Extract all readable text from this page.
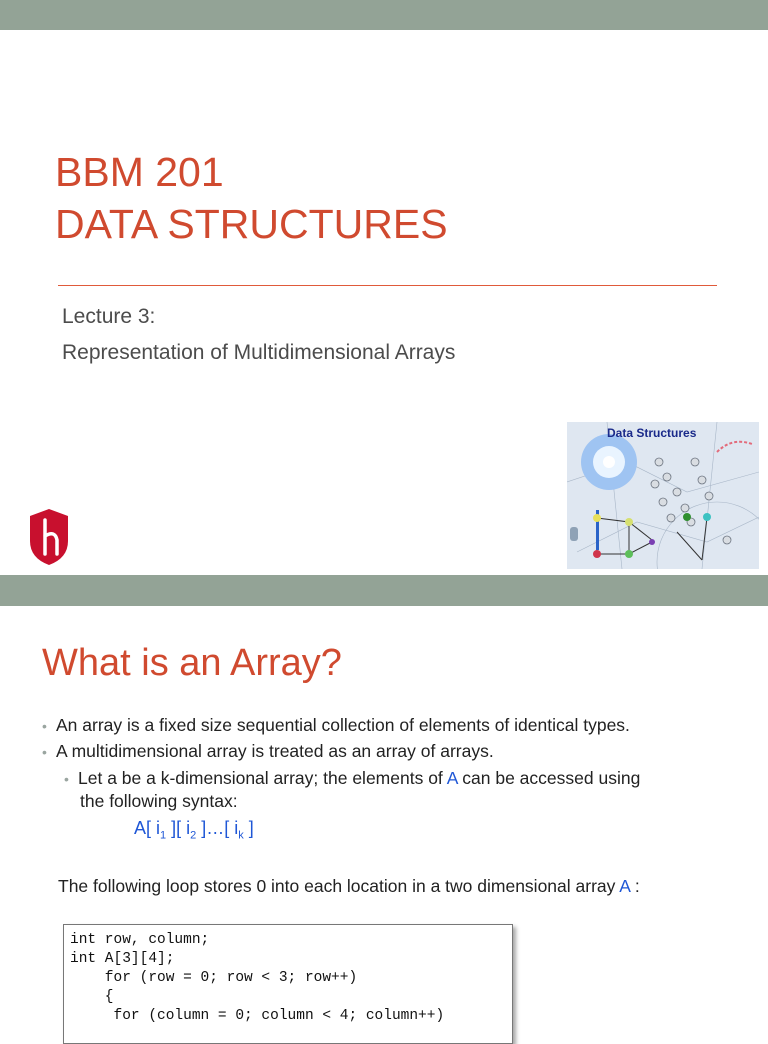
BBM 201
DATA STRUCTURES
Lecture 3:
Representation of Multidimensional Arrays
Data Structures
What is an Array?
• An array is a fixed size sequential collection of elements of identical types.
• A multidimensional array is treated as an array of arrays.
• Let a be a k-dimensional array; the elements of A can be accessed using
the following syntax:
A[ $i_1$ ][ $i_2$ ]…[ $i_k$ ]
The following loop stores 0 into each location in a two dimensional array A :
int row, column;
int A[3][4];
for (row = 0; row < 3; row++)
{
for (column = 0; column < 4; column++)
